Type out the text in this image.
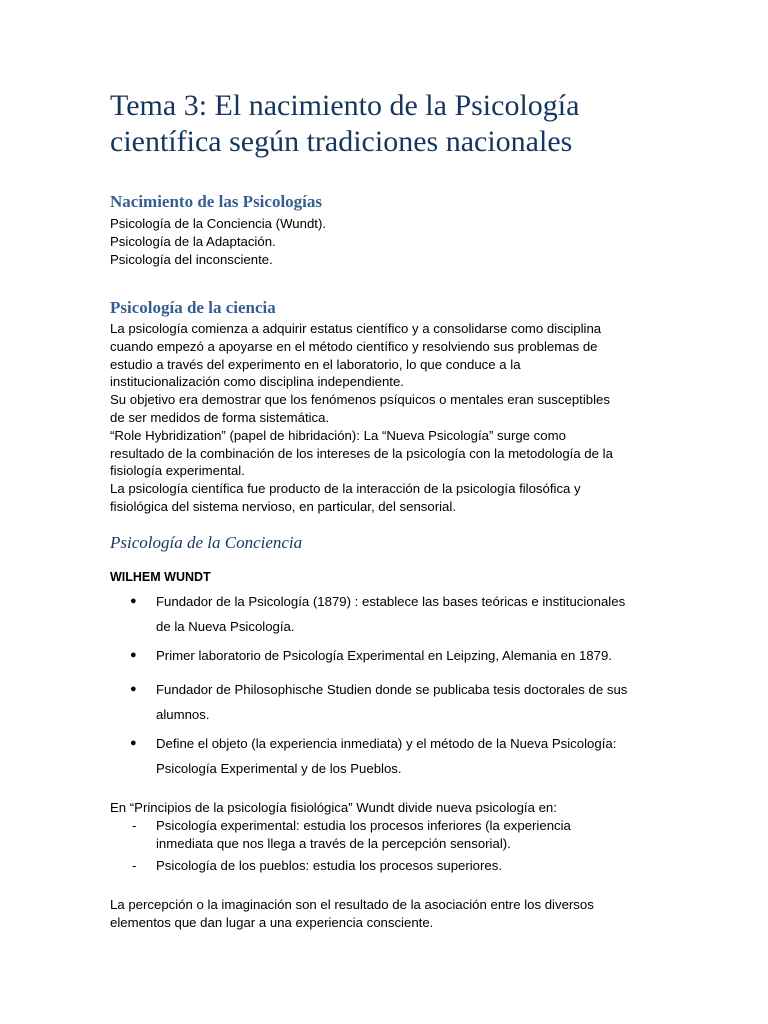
Tema 3: El nacimiento de la Psicología
científica según tradiciones nacionales
Nacimiento de las Psicologías

Psicología de la Conciencia (Wundt).
Psicología de la Adaptación.
Psicología del inconsciente.

Psicología de la ciencia

La psicología comienza a adquirir estatus científico y a consolidarse como disciplina
cuando empezó a apoyarse en el método científico y resolviendo sus problemas de
estudio a través del experimento en el laboratorio, lo que conduce a la
institucionalización como disciplina independiente.
Su objetivo era demostrar que los fenómenos psíquicos o mentales eran susceptibles
de ser medidos de forma sistemática.
“Role Hybridization” (papel de hibridación): La “Nueva Psicología” surge como
resultado de la combinación de los intereses de la psicología con la metodología de la
fisiología experimental.
La psicología científica fue producto de la interacción de la psicología filosófica y
fisiológica del sistema nervioso, en particular, del sensorial.

Psicología de la Conciencia
WILHEM WUNDT
●	Fundador de la Psicología (1879) : establece las bases teóricas e institucionales
de la Nueva Psicología.
●	Primer laboratorio de Psicología Experimental en Leipzing, Alemania en 1879.
●	Fundador de Philosophische Studien donde se publicaba tesis doctorales de sus
alumnos.
●	Define el objeto (la experiencia inmediata) y el método de la Nueva Psicología:
Psicología Experimental y de los Pueblos.

En “Principios de la psicología fisiológica” Wundt divide nueva psicología en:

- Psicología experimental: estudia los procesos inferiores (la experiencia
inmediata que nos llega a través de la percepción sensorial).
- Psicología de los pueblos: estudia los procesos superiores.

La percepción o la imaginación son el resultado de la asociación entre los diversos
elementos que dan lugar a una experiencia consciente.
